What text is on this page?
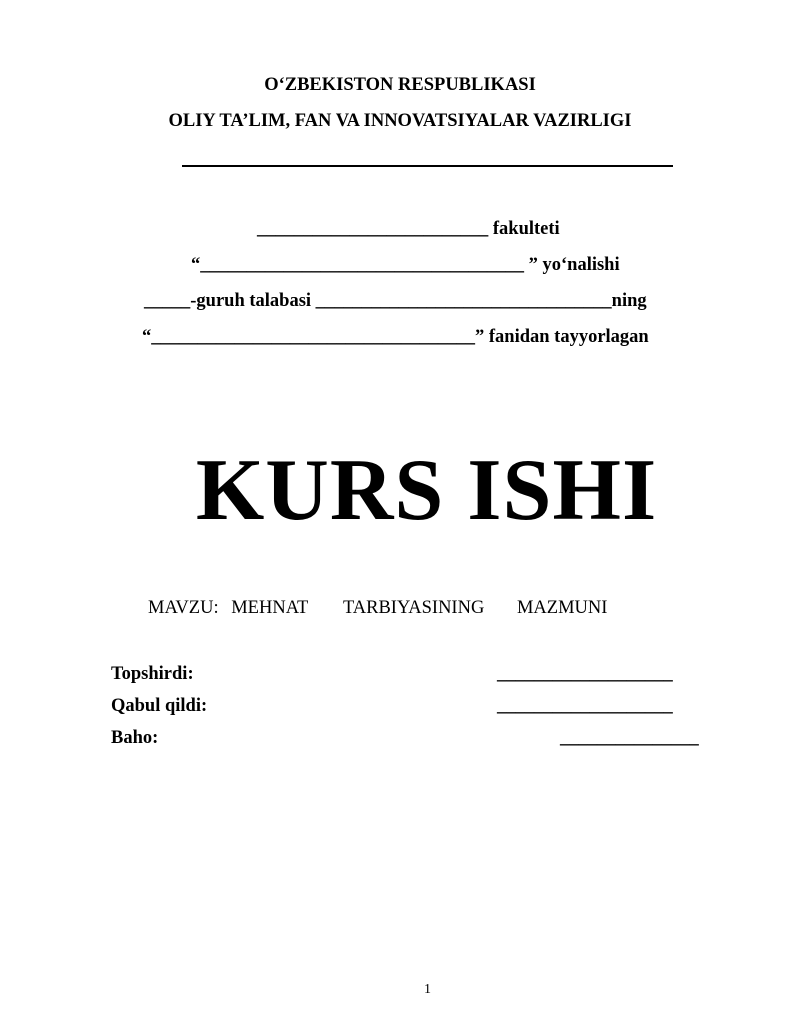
O‘ZBEKISTON RESPUBLIKASI
OLIY TA’LIM, FAN VA INNOVATSIYALAR VAZIRLIGI
_________________________ fakulteti
“___________________________________ ” yo‘nalishi
_____-guruh talabasi ________________________________ning
“___________________________________” fanidan tayyorlagan
KURS ISHI
MAVZU: MEHNAT TARBIYASINING MAZMUNI
Topshirdi:	___________________
Qabul qildi:	___________________
Baho:	_______________
1
